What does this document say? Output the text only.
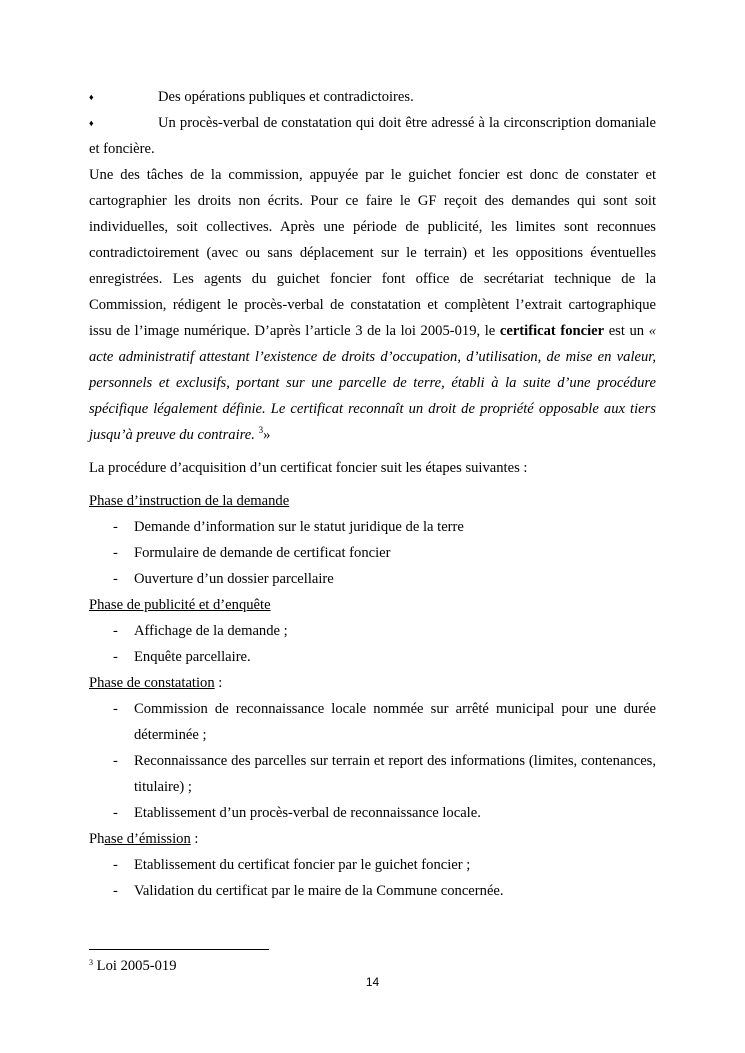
♦	Des opérations publiques et contradictoires.
♦	Un procès-verbal de constatation qui doit être adressé à la circonscription domaniale et foncière.

Une des tâches de la commission, appuyée par le guichet foncier est donc de constater et cartographier les droits non écrits. Pour ce faire le GF reçoit des demandes qui sont soit individuelles, soit collectives. Après une période de publicité, les limites sont reconnues contradictoirement (avec ou sans déplacement sur le terrain) et les oppositions éventuelles enregistrées. Les agents du guichet foncier font office de secrétariat technique de la Commission, rédigent le procès-verbal de constatation et complètent l’extrait cartographique issu de l’image numérique. D’après l’article 3 de la loi 2005-019, le certificat foncier est un « acte administratif attestant l’existence de droits d’occupation, d’utilisation, de mise en valeur, personnels et exclusifs, portant sur une parcelle de terre, établi à la suite d’une procédure spécifique légalement définie. Le certificat reconnaît un droit de propriété opposable aux tiers jusqu’à preuve du contraire. $^3$»

La procédure d’acquisition d’un certificat foncier suit les étapes suivantes :

Phase d’instruction de la demande

- Demande d’information sur le statut juridique de la terre

- Formulaire de demande de certificat foncier

- Ouverture d’un dossier parcellaire

Phase de publicité et d’enquête

- Affichage de la demande ;

- Enquête parcellaire.

Phase de constatation :

- Commission de reconnaissance locale nommée sur arrêté municipal pour une durée déterminée ;

- Reconnaissance des parcelles sur terrain et report des informations (limites, contenances, titulaire) ;

- Etablissement d’un procès-verbal de reconnaissance locale.

Phase d’émission :

- Etablissement du certificat foncier par le guichet foncier ;

- Validation du certificat par le maire de la Commune concernée.

$^3$ Loi 2005-019
14
